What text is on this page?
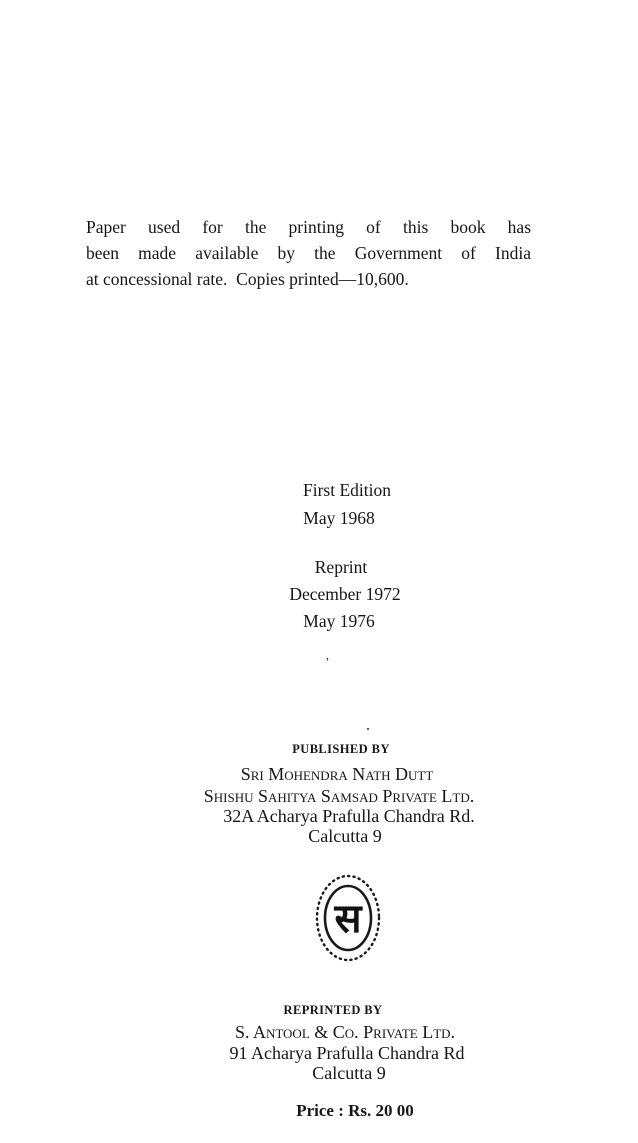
Paper used for the printing of this book has
been made available by the Government of India
at concessional rate.  Copies printed—10,600.
First Edition
May 1968
Reprint
December 1972
May 1976
,
PUBLISHED BY
Sri Mohendra Nath Dutt
Shishu Sahitya Samsad Private Ltd.
32A Acharya Prafulla Chandra Rd.
Calcutta 9
स
REPRINTED BY
S. Antool & Co. Private Ltd.
91 Acharya Prafulla Chandra Rd
Calcutta 9
Price : Rs. 20 00
